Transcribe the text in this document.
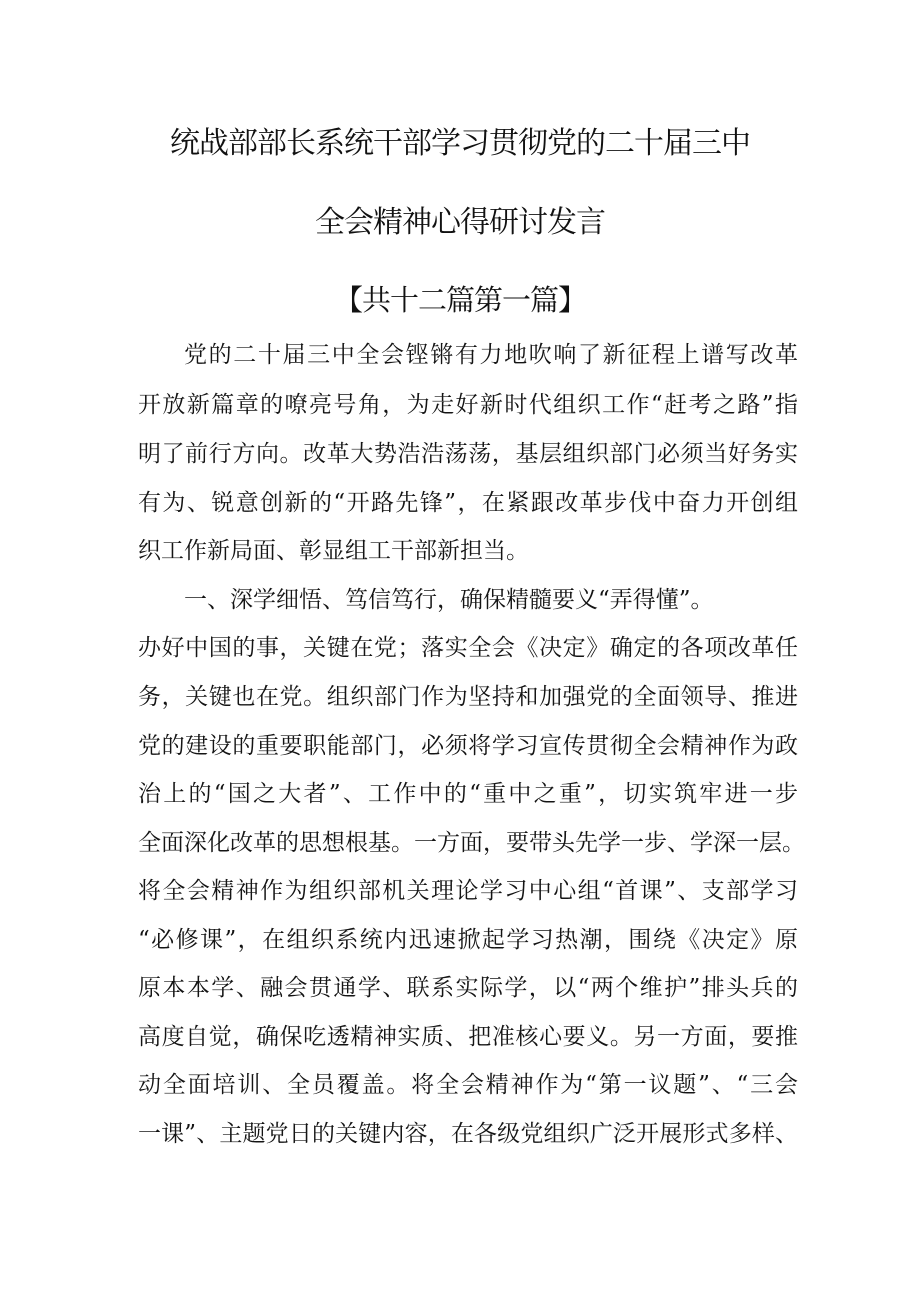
统战部部长系统干部学习贯彻党的二十届三中
全会精神心得研讨发言
【共十二篇第一篇】
党的二十届三中全会铿锵有力地吹响了新征程上谱写改革
开放新篇章的嘹亮号角，为走好新时代组织工作“赶考之路”指
明了前行方向。改革大势浩浩荡荡，基层组织部门必须当好务实
有为、锐意创新的“开路先锋”，在紧跟改革步伐中奋力开创组
织工作新局面、彰显组工干部新担当。
一、深学细悟、笃信笃行，确保精髓要义“弄得懂”。
办好中国的事，关键在党；落实全会《决定》确定的各项改革任
务，关键也在党。组织部门作为坚持和加强党的全面领导、推进
党的建设的重要职能部门，必须将学习宣传贯彻全会精神作为政
治上的“国之大者”、工作中的“重中之重”，切实筑牢进一步
全面深化改革的思想根基。一方面，要带头先学一步、学深一层。
将全会精神作为组织部机关理论学习中心组“首课”、支部学习
“必修课”，在组织系统内迅速掀起学习热潮，围绕《决定》原
原本本学、融会贯通学、联系实际学，以“两个维护”排头兵的
高度自觉，确保吃透精神实质、把准核心要义。另一方面，要推
动全面培训、全员覆盖。将全会精神作为“第一议题”、“三会
一课”、主题党日的关键内容，在各级党组织广泛开展形式多样、
